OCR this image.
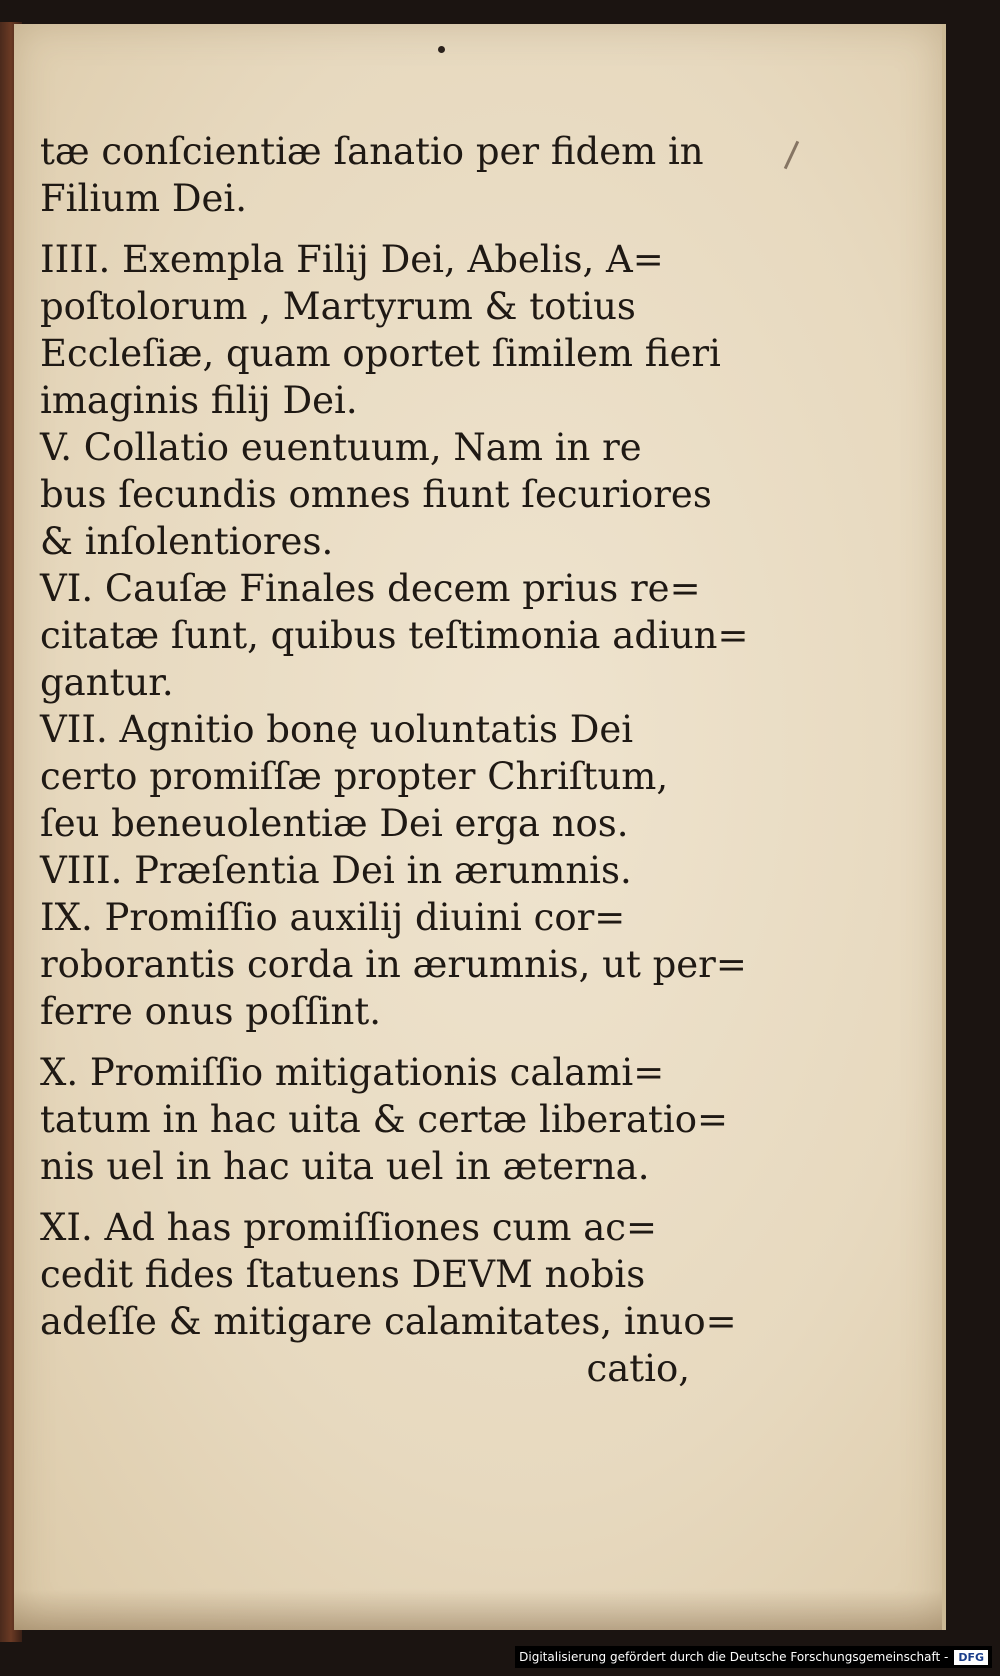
tæ conſcientiæ ſanatio per fidem in
Filium Dei.
IIII. Exempla Filij Dei, Abelis, A=
poſtolorum , Martyrum & totius
Eccleſiæ, quam oportet ſimilem fieri
imaginis filij Dei.
V. Collatio euentuum, Nam in re
bus ſecundis omnes fiunt ſecuriores
& inſolentiores.
VI. Cauſæ Finales decem prius re=
citatæ ſunt, quibus teſtimonia adiun=
gantur.
VII. Agnitio bonę uoluntatis Dei
certo promiſſæ propter Chriſtum,
ſeu beneuolentiæ Dei erga nos.
VIII. Præſentia Dei in ærumnis.
IX. Promiſſio auxilij diuini cor=
roborantis corda in ærumnis, ut per=
ferre onus poſſint.
X. Promiſſio mitigationis calami=
tatum in hac uita & certæ liberatio=
nis uel in hac uita uel in æterna.
XI. Ad has promiſſiones cum ac=
cedit fides ſtatuens DEVM nobis
adeſſe & mitigare calamitates, inuo=
catio,
Digitalisierung gefördert durch die Deutsche Forschungsgemeinschaft - DFG
